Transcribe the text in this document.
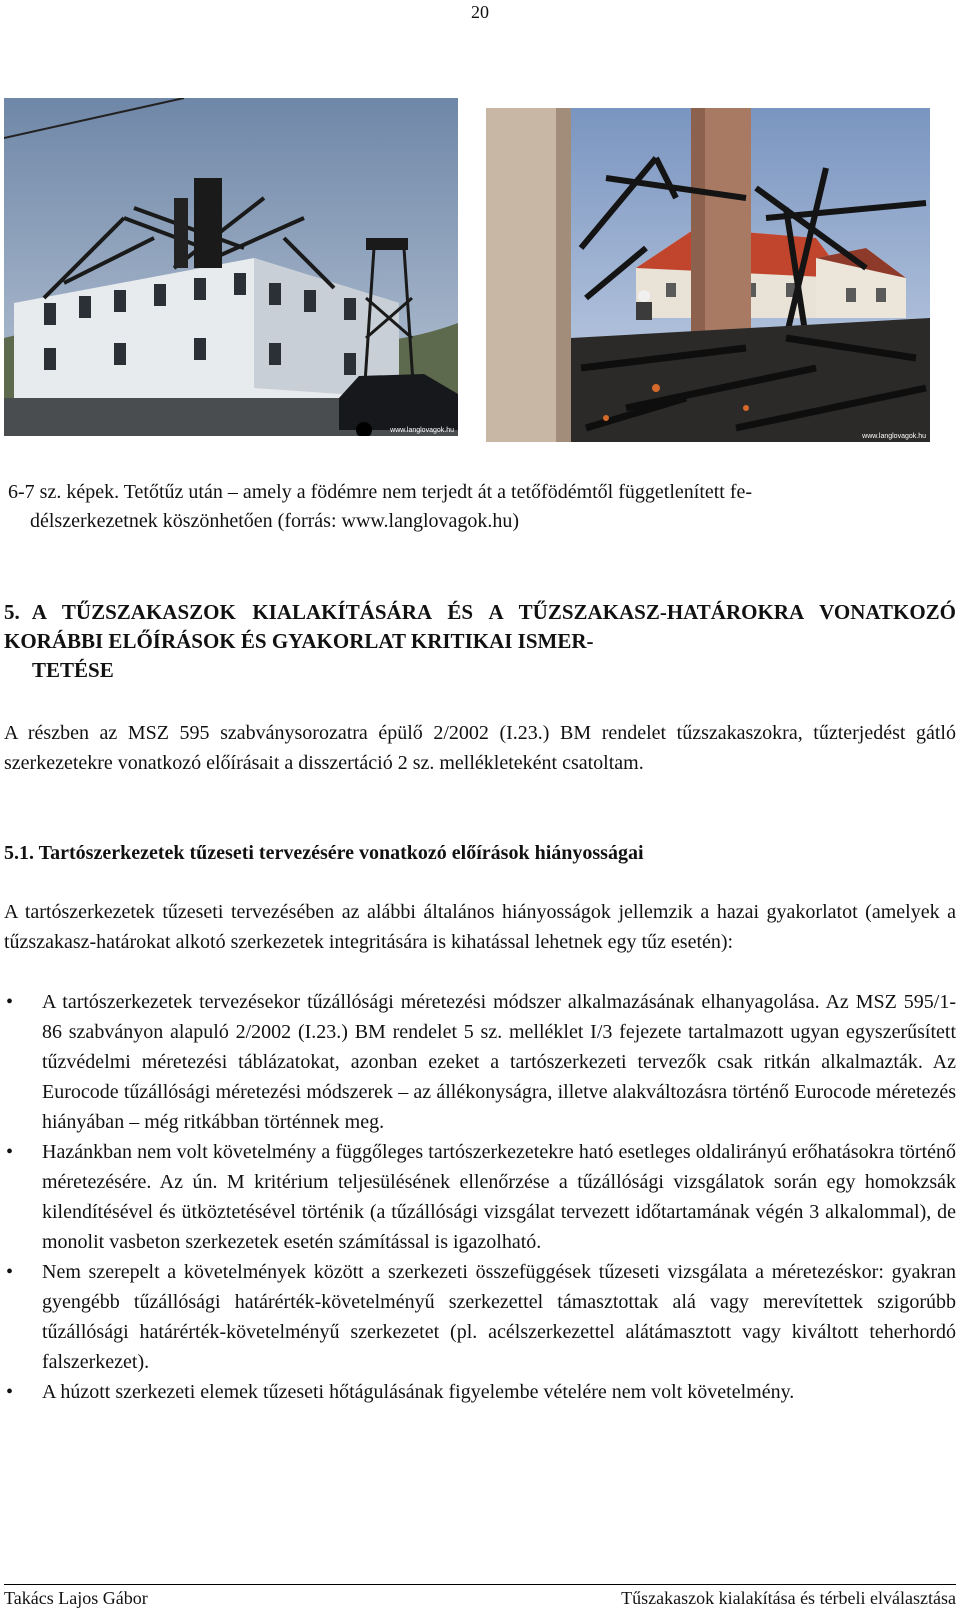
20
www.langlovagok.hu
www.langlovagok.hu
6-7 sz. képek. Tetőtűz után – amely a födémre nem terjedt át a tetőfödémtől függetlenített fe-
délszerkezetnek köszönhetően (forrás: www.langlovagok.hu)
5. A TŰZSZAKASZOK KIALAKÍTÁSÁRA ÉS A TŰZSZAKASZ-HATÁROKRA VONATKOZÓ KORÁBBI ELŐÍRÁSOK ÉS GYAKORLAT KRITIKAI ISMER-
TETÉSE
A részben az MSZ 595 szabványsorozatra épülő 2/2002 (I.23.) BM rendelet tűzszakaszokra, tűzterjedést gátló szerkezetekre vonatkozó előírásait a disszertáció 2 sz. mellékleteként csatoltam.
5.1. Tartószerkezetek tűzeseti tervezésére vonatkozó előírások hiányosságai
A tartószerkezetek tűzeseti tervezésében az alábbi általános hiányosságok jellemzik a hazai gyakorlatot (amelyek a tűzszakasz-határokat alkotó szerkezetek integritására is kihatással lehetnek egy tűz esetén):
• A tartószerkezetek tervezésekor tűzállósági méretezési módszer alkalmazásának elhanyagolása. Az MSZ 595/1-86 szabványon alapuló 2/2002 (I.23.) BM rendelet 5 sz. melléklet I/3 fejezete tartalmazott ugyan egyszerűsített tűzvédelmi méretezési táblázatokat, azonban ezeket a tartószerkezeti tervezők csak ritkán alkalmazták. Az Eurocode tűzállósági méretezési módszerek – az állékonyságra, illetve alakváltozásra történő Eurocode méretezés hiányában – még ritkábban történnek meg.
• Hazánkban nem volt követelmény a függőleges tartószerkezetekre ható esetleges oldalirányú erőhatásokra történő méretezésére. Az ún. M kritérium teljesülésének ellenőrzése a tűzállósági vizsgálatok során egy homokzsák kilendítésével és ütköztetésével történik (a tűzállósági vizsgálat tervezett időtartamának végén 3 alkalommal), de monolit vasbeton szerkezetek esetén számítással is igazolható.
• Nem szerepelt a követelmények között a szerkezeti összefüggések tűzeseti vizsgálata a méretezéskor: gyakran gyengébb tűzállósági határérték-követelményű szerkezettel támasztottak alá vagy merevítettek szigorúbb tűzállósági határérték-követelményű szerkezetet (pl. acélszerkezettel alátámasztott vagy kiváltott teherhordó falszerkezet).
• A húzott szerkezeti elemek tűzeseti hőtágulásának figyelembe vételére nem volt követelmény.
Takács Lajos Gábor	Tűszakaszok kialakítása és térbeli elválasztása
